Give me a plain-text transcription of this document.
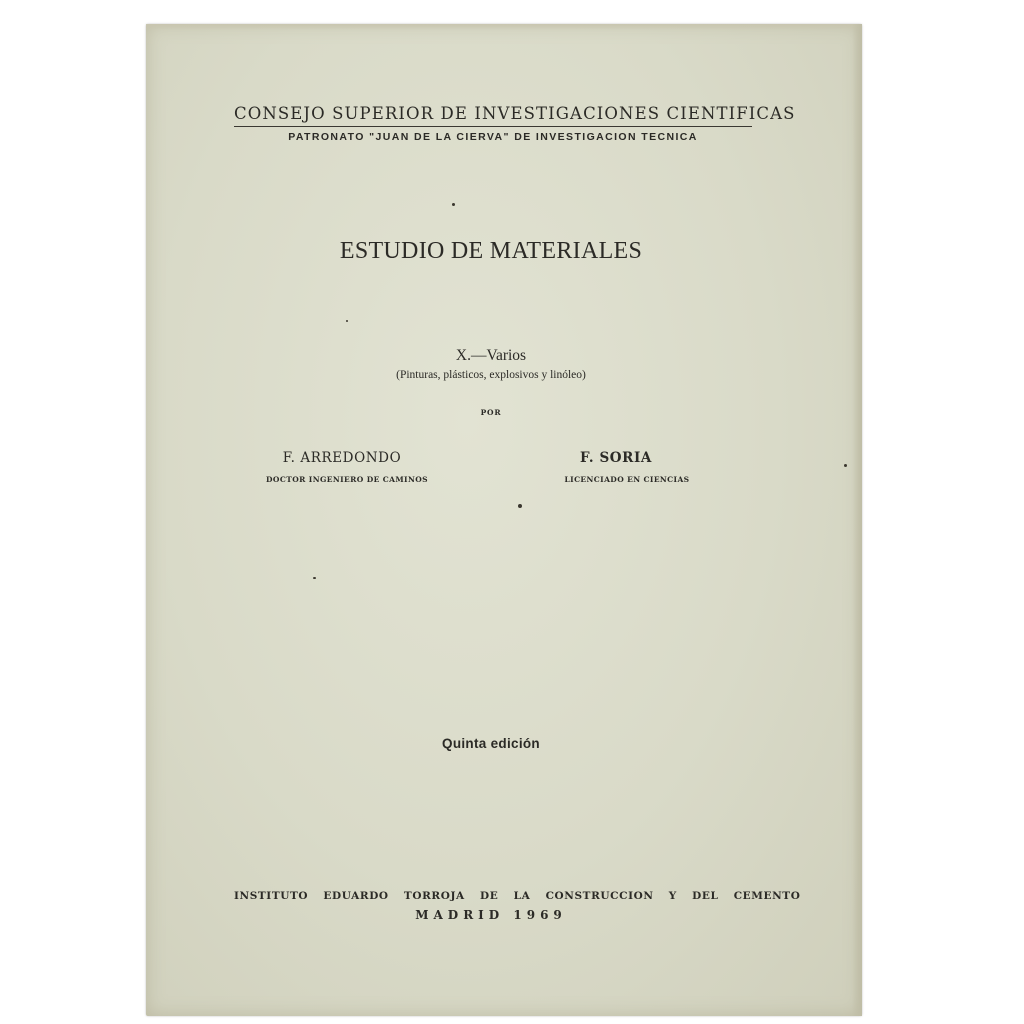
CONSEJO SUPERIOR DE INVESTIGACIONES CIENTIFICAS
PATRONATO "JUAN DE LA CIERVA" DE INVESTIGACION TECNICA
ESTUDIO DE MATERIALES
X.—Varios
(Pinturas, plásticos, explosivos y linóleo)
POR
F. ARREDONDO
DOCTOR INGENIERO DE CAMINOS
F. SORIA
LICENCIADO EN CIENCIAS
Quinta edición
INSTITUTO EDUARDO TORROJA DE LA CONSTRUCCION Y DEL CEMENTO
MADRID 1969
